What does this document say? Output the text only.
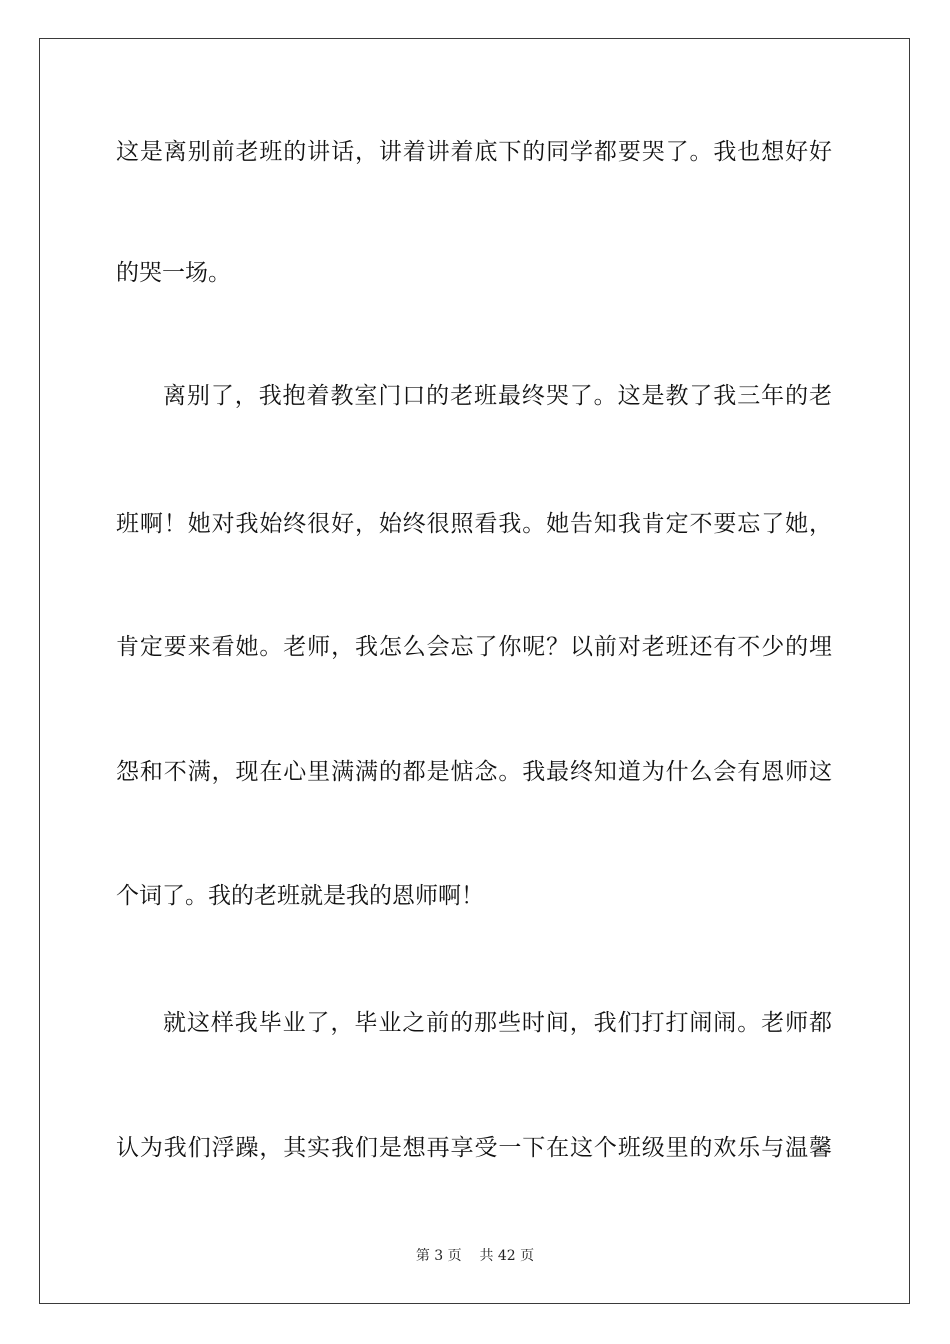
这是离别前老班的讲话，讲着讲着底下的同学都要哭了。我也想好好
的哭一场。
离别了，我抱着教室门口的老班最终哭了。这是教了我三年的老
班啊！她对我始终很好，始终很照看我。她告知我肯定不要忘了她，
肯定要来看她。老师，我怎么会忘了你呢？以前对老班还有不少的埋
怨和不满，现在心里满满的都是惦念。我最终知道为什么会有恩师这
个词了。我的老班就是我的恩师啊！
就这样我毕业了，毕业之前的那些时间，我们打打闹闹。老师都
认为我们浮躁，其实我们是想再享受一下在这个班级里的欢乐与温馨
第 3 页 共 42 页
